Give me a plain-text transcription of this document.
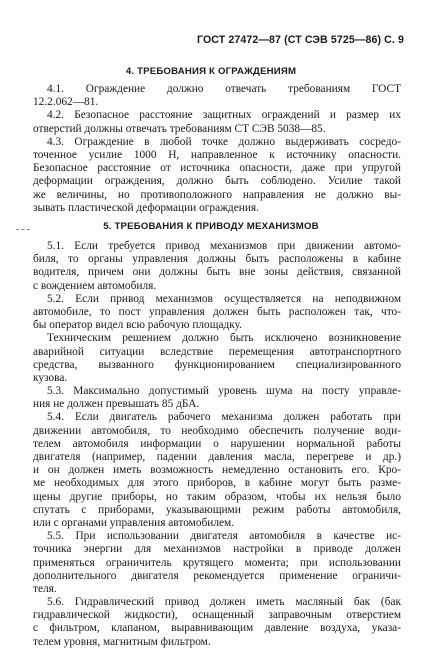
ГОСТ 27472—87 (СТ СЭВ 5725—86) С. 9
4. ТРЕБОВАНИЯ К ОГРАЖДЕНИЯМ
4.1. Ограждение должно отвечать требованиям ГОСТ
12.2.062—81.
4.2. Безопасное расстояние защитных ограждений и размер их
отверстий должны отвечать требованиям СТ СЭВ 5038—85.
4.3. Ограждение в любой точке должно выдерживать сосредо-
точенное усилие 1000 Н, направленное к источнику опасности.
Безопасное расстояние от источника опасности, даже при упругой
деформации ограждения, должно быть соблюдено. Усилие такой
же величины, но противоположного направления не должно вы-
зывать пластической деформации ограждения.
5. ТРЕБОВАНИЯ К ПРИВОДУ МЕХАНИЗМОВ
5.1. Если требуется привод механизмов при движении автомо-
биля, то органы управления должны быть расположены в кабине
водителя, причем они должны быть вне зоны действия, связанной
с вождением автомобиля.
5.2. Если привод механизмов осуществляется на неподвижном
автомобиле, то пост управления должен быть расположен так, что-
бы оператор видел всю рабочую площадку.
Техническим решением должно быть исключено возникновение
аварийной ситуации вследствие перемещения автотранспортного
средства, вызванного функционированием специализированного
кузова.
5.3. Максимально допустимый уровень шума на посту управле-
ния не должен превышать 85 дБА.
5.4. Если двигатель рабочего механизма должен работать при
движении автомобиля, то необходимо обеспечить получение води-
телем автомобиля информации о нарушении нормальной работы
двигателя (например, падении давления масла, перегреве и др.)
и он должен иметь возможность немедленно остановить его. Кро-
ме необходимых для этого приборов, в кабине могут быть разме-
щены другие приборы, но таким образом, чтобы их нельзя было
спутать с приборами, указывающими режим работы автомобиля,
или с органами управления автомобилем.
5.5. При использовании двигателя автомобиля в качестве ис-
точника энергии для механизмов настройки в приводе должен
применяться ограничитель крутящего момента; при использовании
дополнительного двигателя рекомендуется применение ограничи-
теля.
5.6. Гидравлический привод должен иметь масляный бак (бак
гидравлической жидкости), оснащенный заправочным отверстием
с фильтром, клапаном, выравнивающим давление воздуха, указа-
телем уровня, магнитным фильтром.
